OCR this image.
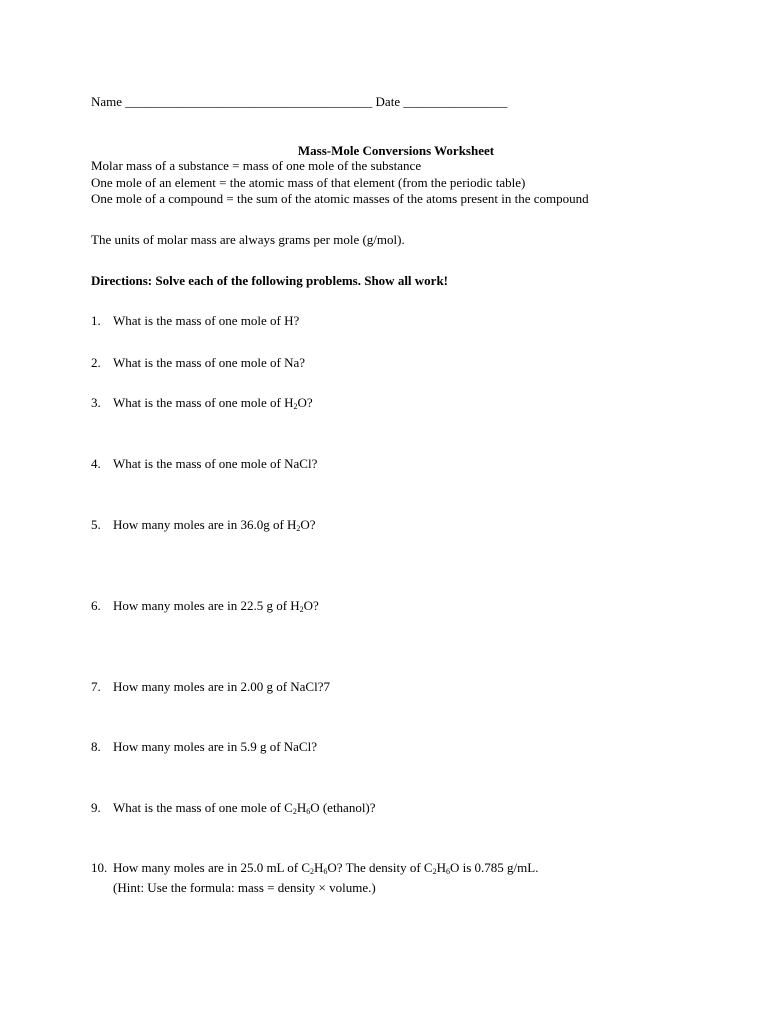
Name ______________________________________ Date ________________
Mass-Mole Conversions Worksheet
Molar mass of a substance = mass of one mole of the substance
One mole of an element = the atomic mass of that element (from the periodic table)
One mole of a compound = the sum of the atomic masses of the atoms present in the compound
The units of molar mass are always grams per mole (g/mol).
Directions: Solve each of the following problems. Show all work!
1. What is the mass of one mole of H?
2. What is the mass of one mole of Na?
3. What is the mass of one mole of $H_2O$?
4. What is the mass of one mole of NaCl?
5. How many moles are in 36.0g of $H_2O$?
6. How many moles are in 22.5 g of $H_2O$?
7. How many moles are in 2.00 g of NaCl?7
8. How many moles are in 5.9 g of NaCl?
9. What is the mass of one mole of $C_2H_6O$ (ethanol)?
10. How many moles are in 25.0 mL of $C_2H_6O$? The density of $C_2H_6O$ is 0.785 g/mL.
(Hint: Use the formula: mass = density × volume.)
